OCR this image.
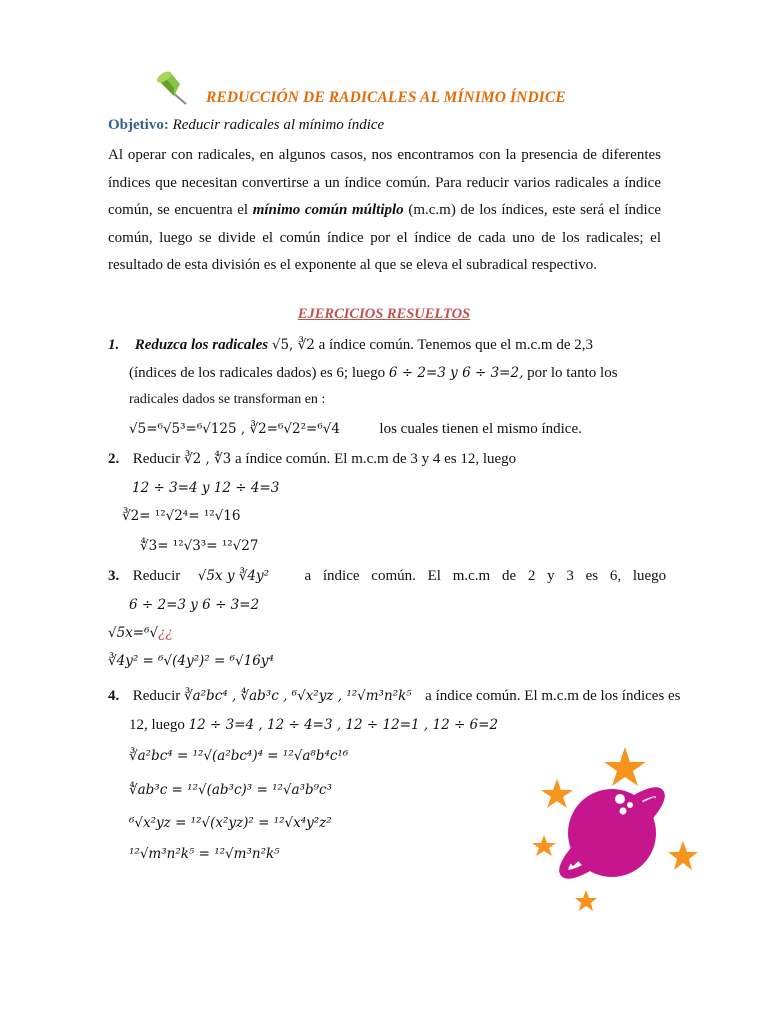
REDUCCIÓN DE RADICALES AL MÍNIMO ÍNDICE
Objetivo: Reducir radicales al mínimo índice
Al operar con radicales, en algunos casos, nos encontramos con la presencia de diferentes índices que necesitan convertirse a un índice común. Para reducir varios radicales a índice común, se encuentra el mínimo común múltiplo (m.c.m) de los índices, este será el índice común, luego se divide el común índice por el índice de cada uno de los radicales; el resultado de esta división es el exponente al que se eleva el subradical respectivo.
EJERCICIOS RESUELTOS
1. Reduzca los radicales √5, ∛2 a índice común. Tenemos que el m.c.m de 2,3
(índices de los radicales dados) es 6; luego 6 ÷ 2=3 y 6 ÷ 3=2, por lo tanto los
radicales dados se transforman en :
√5=⁶√5³=⁶√125 , ∛2=⁶√2²=⁶√4	los cuales tienen el mismo índice.
2. Reducir ∛2 , ∜3 a índice común. El m.c.m de 3 y 4 es 12, luego
12 ÷ 3=4 y 12 ÷ 4=3
∛2= ¹²√2⁴= ¹²√16
∜3= ¹²√3³= ¹²√27
3. Reducir √5x y ∛4y² a índice común. El m.c.m de 2 y 3 es 6, luego
6 ÷ 2=3 y 6 ÷ 3=2
√5x=⁶√¿¿
∛4y² = ⁶√(4y²)² = ⁶√16y⁴
4. Reducir ∛a²bc⁴ , ∜ab³c , ⁶√x²yz , ¹²√m³n²k⁵ a índice común. El m.c.m de los índices es
12, luego 12 ÷ 3=4 , 12 ÷ 4=3 , 12 ÷ 12=1 , 12 ÷ 6=2
∛a²bc⁴ = ¹²√(a²bc⁴)⁴ = ¹²√a⁸b⁴c¹⁶
∜ab³c = ¹²√(ab³c)³ = ¹²√a³b⁹c³
⁶√x²yz = ¹²√(x²yz)² = ¹²√x⁴y²z²
¹²√m³n²k⁵ = ¹²√m³n²k⁵
